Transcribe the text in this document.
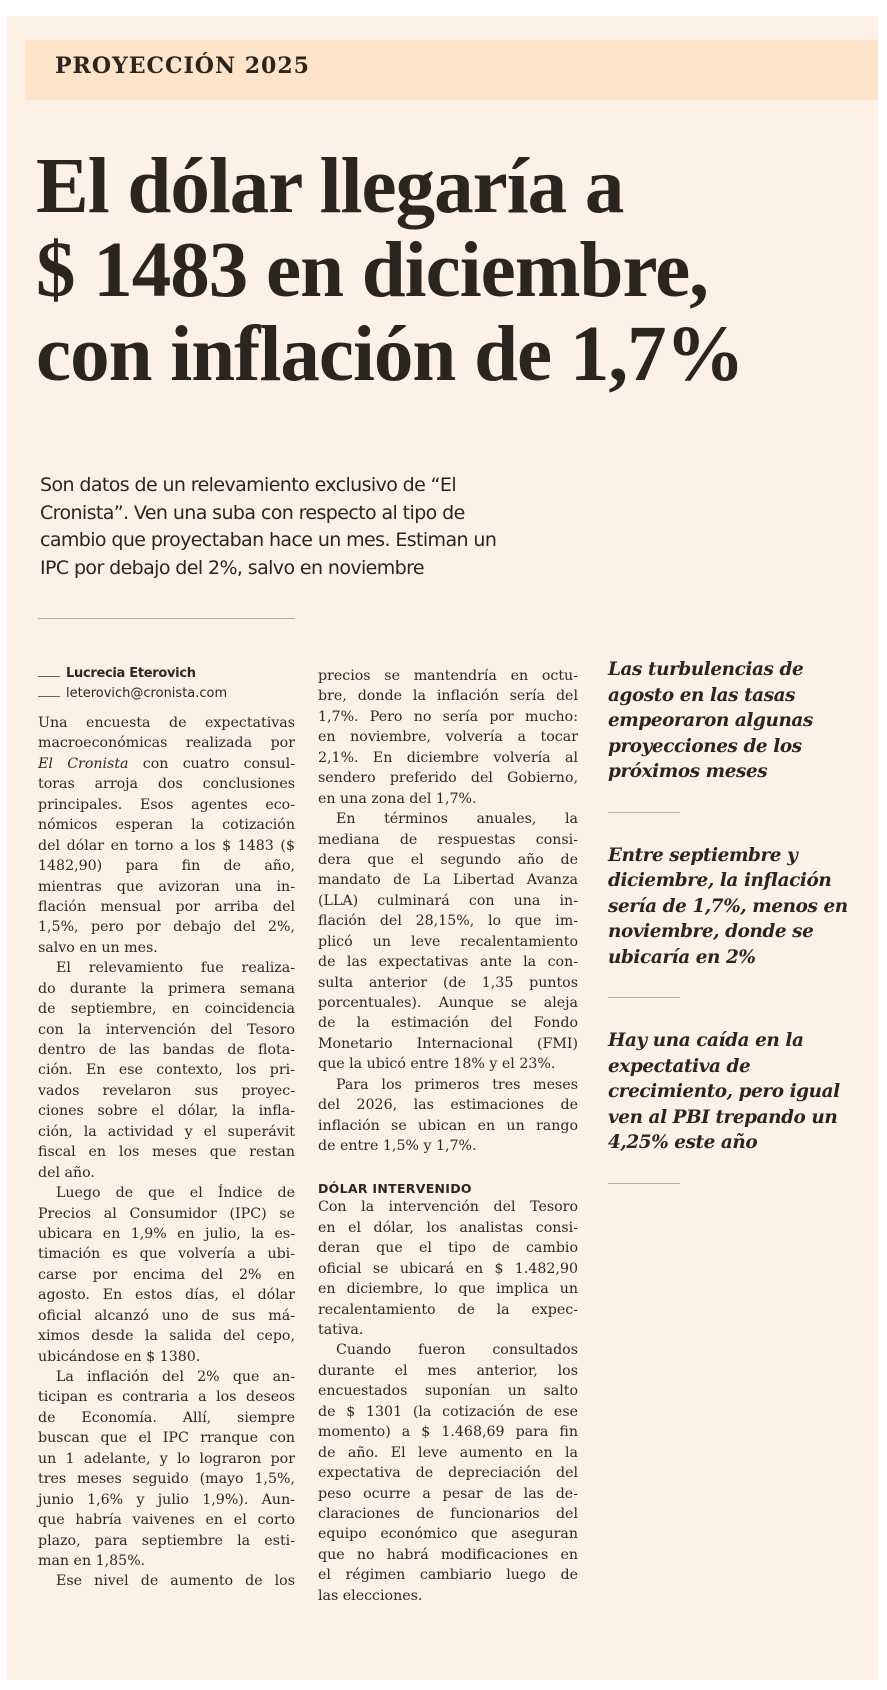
PROYECCIÓN 2025
El dólar llegaría a
$ 1483 en diciembre,
con inflación de 1,7%

Son datos de un relevamiento exclusivo de “El
Cronista”. Ven una suba con respecto al tipo de
cambio que proyectaban hace un mes. Estiman un
IPC por debajo del 2%, salvo en noviembre

Lucrecia Eterovich
leterovich@cronista.com
Una encuesta de expectativas
macroeconómicas realizada por
El Cronista con cuatro consul-
toras arroja dos conclusiones
principales. Esos agentes eco-
nómicos esperan la cotización
del dólar en torno a los $ 1483 ($
1482,90) para fin de año,
mientras que avizoran una in-
flación mensual por arriba del
1,5%, pero por debajo del 2%,
salvo en un mes.
El relevamiento fue realiza-
do durante la primera semana
de septiembre, en coincidencia
con la intervención del Tesoro
dentro de las bandas de flota-
ción. En ese contexto, los pri-
vados revelaron sus proyec-
ciones sobre el dólar, la infla-
ción, la actividad y el superávit
fiscal en los meses que restan
del año.
Luego de que el Índice de
Precios al Consumidor (IPC) se
ubicara en 1,9% en julio, la es-
timación es que volvería a ubi-
carse por encima del 2% en
agosto. En estos días, el dólar
oficial alcanzó uno de sus má-
ximos desde la salida del cepo,
ubicándose en $ 1380.
La inflación del 2% que an-
ticipan es contraria a los deseos
de Economía. Allí, siempre
buscan que el IPC rranque con
un 1 adelante, y lo lograron por
tres meses seguido (mayo 1,5%,
junio 1,6% y julio 1,9%). Aun-
que habría vaivenes en el corto
plazo, para septiembre la esti-
man en 1,85%.
Ese nivel de aumento de los
precios se mantendría en octu-
bre, donde la inflación sería del
1,7%. Pero no sería por mucho:
en noviembre, volvería a tocar
2,1%. En diciembre volvería al
sendero preferido del Gobierno,
en una zona del 1,7%.
En términos anuales, la
mediana de respuestas consi-
dera que el segundo año de
mandato de La Libertad Avanza
(LLA) culminará con una in-
flación del 28,15%, lo que im-
plicó un leve recalentamiento
de las expectativas ante la con-
sulta anterior (de 1,35 puntos
porcentuales). Aunque se aleja
de la estimación del Fondo
Monetario Internacional (FMI)
que la ubicó entre 18% y el 23%.
Para los primeros tres meses
del 2026, las estimaciones de
inflación se ubican en un rango
de entre 1,5% y 1,7%.
DÓLAR INTERVENIDO
Con la intervención del Tesoro
en el dólar, los analistas consi-
deran que el tipo de cambio
oficial se ubicará en $ 1.482,90
en diciembre, lo que implica un
recalentamiento de la expec-
tativa.
Cuando fueron consultados
durante el mes anterior, los
encuestados suponían un salto
de $ 1301 (la cotización de ese
momento) a $ 1.468,69 para fin
de año. El leve aumento en la
expectativa de depreciación del
peso ocurre a pesar de las de-
claraciones de funcionarios del
equipo económico que aseguran
que no habrá modificaciones en
el régimen cambiario luego de
las elecciones.
Las turbulencias de
agosto en las tasas
empeoraron algunas
proyecciones de los
próximos meses
Entre septiembre y
diciembre, la inflación
sería de 1,7%, menos en
noviembre, donde se
ubicaría en 2%
Hay una caída en la
expectativa de
crecimiento, pero igual
ven al PBI trepando un
4,25% este año
